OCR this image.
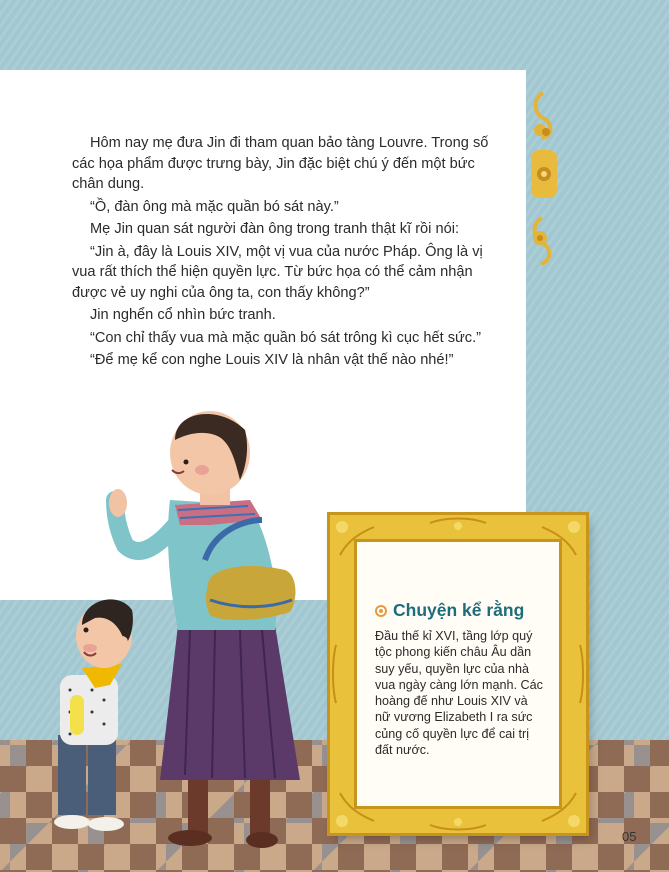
Hôm nay mẹ đưa Jin đi tham quan bảo tàng Louvre. Trong số các họa phẩm được trưng bày, Jin đặc biệt chú ý đến một bức chân dung.

“Ồ, đàn ông mà mặc quần bó sát này.”

Mẹ Jin quan sát người đàn ông trong tranh thật kĩ rồi nói:

“Jin à, đây là Louis XIV, một vị vua của nước Pháp. Ông là vị vua rất thích thể hiện quyền lực. Từ bức họa có thể cảm nhận được vẻ uy nghi của ông ta, con thấy không?”

Jin nghển cổ nhìn bức tranh.

“Con chỉ thấy vua mà mặc quần bó sát trông kì cục hết sức.”

“Để mẹ kể con nghe Louis XIV là nhân vật thế nào nhé!”

Chuyện kể rằng
Đầu thế kỉ XVI, tầng lớp quý tộc phong kiến châu Âu dần suy yếu, quyền lực của nhà vua ngày càng lớn mạnh. Các hoàng đế như Louis XIV và nữ vương Elizabeth I ra sức củng cố quyền lực để cai trị đất nước.
05
